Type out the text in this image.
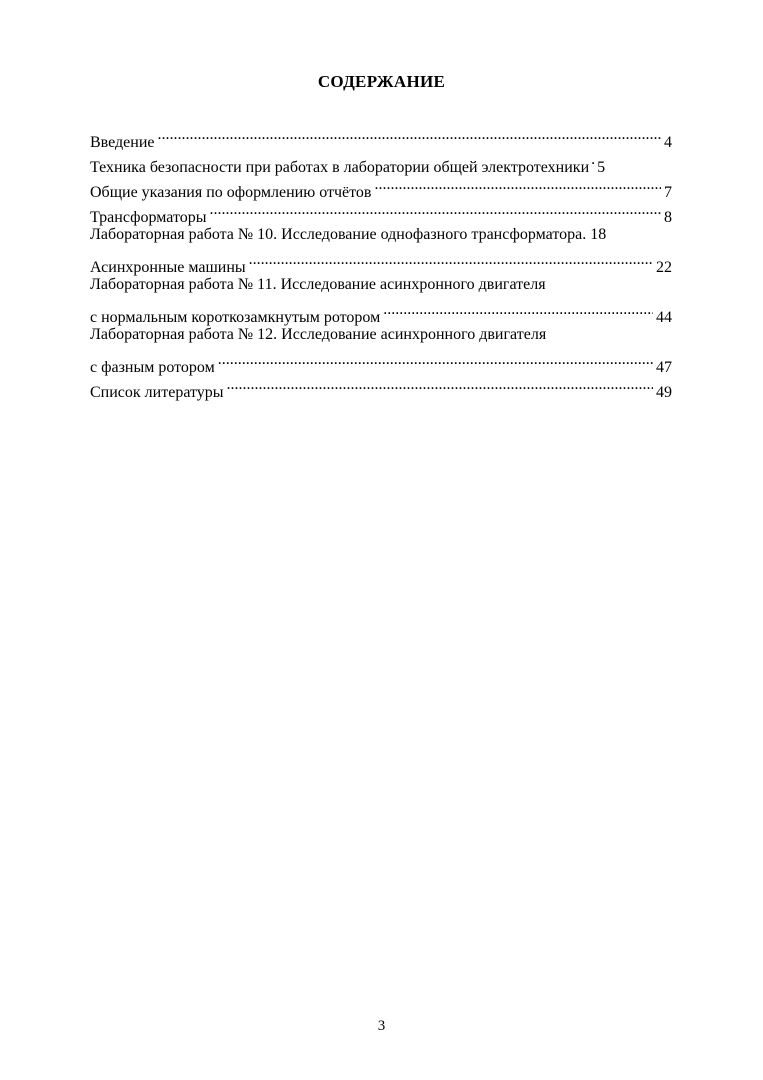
СОДЕРЖАНИЕ
Введение .....	4
Техника безопасности при работах в лаборатории общей электротехники ..... 5
Общие указания по оформлению отчётов .....	7
Трансформаторы .....	8
Лабораторная работа № 10. Исследование однофазного трансформатора. 18
Асинхронные машины .....	22
Лабораторная работа № 11. Исследование асинхронного двигателя
с нормальным короткозамкнутым ротором .....	44
Лабораторная работа № 12. Исследование асинхронного двигателя
с фазным ротором .....	47
Список литературы .....	49
3
